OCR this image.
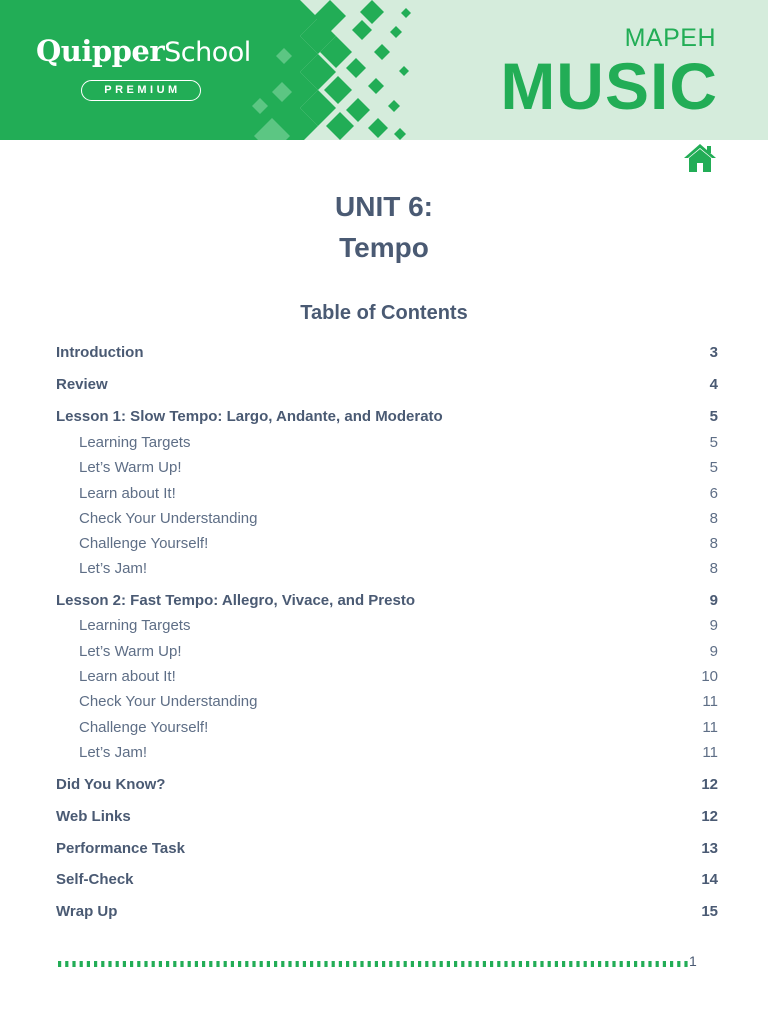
QuipperSchool
PREMIUM
MAPEH
MUSIC
UNIT 6:
Tempo
Table of Contents
Introduction	3
Review	4
Lesson 1: Slow Tempo: Largo, Andante, and Moderato	5
Learning Targets	5
Let’s Warm Up!	5
Learn about It!	6
Check Your Understanding	8
Challenge Yourself!	8
Let’s Jam!	8
Lesson 2: Fast Tempo: Allegro, Vivace, and Presto	9
Learning Targets	9
Let’s Warm Up!	9
Learn about It!	10
Check Your Understanding	11
Challenge Yourself!	11
Let’s Jam!	11
Did You Know?	12
Web Links	12
Performance Task	13
Self-Check	14
Wrap Up	15
1
